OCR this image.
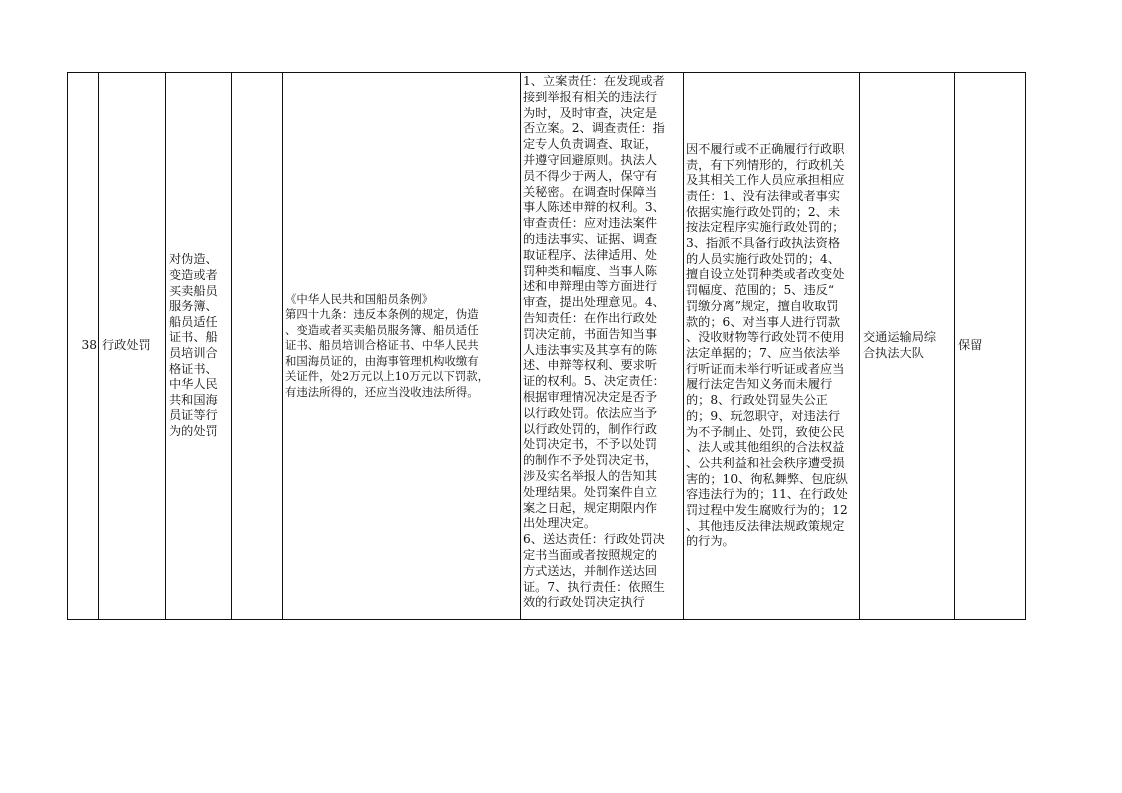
38 行政处罚
对伪造、
变造或者
买卖船员
服务簿、
船员适任
证书、船
员培训合
格证书、
中华人民
共和国海
员证等行
为的处罚
《中华人民共和国船员条例》
第四十九条：违反本条例的规定，伪造
、变造或者买卖船员服务簿、船员适任
证书、船员培训合格证书、中华人民共
和国海员证的，由海事管理机构收缴有
关证件，处2万元以上10万元以下罚款，
有违法所得的，还应当没收违法所得。
1、立案责任：在发现或者
接到举报有相关的违法行
为时，及时审查，决定是
否立案。2、调查责任：指
定专人负责调查、取证，
并遵守回避原则。执法人
员不得少于两人，保守有
关秘密。在调查时保障当
事人陈述申辩的权利。3、
审查责任：应对违法案件
的违法事实、证据、调查
取证程序、法律适用、处
罚种类和幅度、当事人陈
述和申辩理由等方面进行
审查，提出处理意见。4、
告知责任：在作出行政处
罚决定前，书面告知当事
人违法事实及其享有的陈
述、申辩等权利、要求听
证的权利。5、决定责任：
根据审理情况决定是否予
以行政处罚。依法应当予
以行政处罚的，制作行政
处罚决定书，不予以处罚
的制作不予处罚决定书，
涉及实名举报人的告知其
处理结果。处罚案件自立
案之日起，规定期限内作
出处理决定。
6、送达责任：行政处罚决
定书当面或者按照规定的
方式送达，并制作送达回
证。7、执行责任：依照生
效的行政处罚决定执行
因不履行或不正确履行行政职
责，有下列情形的，行政机关
及其相关工作人员应承担相应
责任：1、没有法律或者事实
依据实施行政处罚的；2、未
按法定程序实施行政处罚的；
3、指派不具备行政执法资格
的人员实施行政处罚的；4、
擅自设立处罚种类或者改变处
罚幅度、范围的；5、违反“
罚缴分离”规定，擅自收取罚
款的；6、对当事人进行罚款
、没收财物等行政处罚不使用
法定单据的；7、应当依法举
行听证而未举行听证或者应当
履行法定告知义务而未履行
的；8、行政处罚显失公正
的；9、玩忽职守，对违法行
为不予制止、处罚，致使公民
、法人或其他组织的合法权益
、公共利益和社会秩序遭受损
害的；10、徇私舞弊、包庇纵
容违法行为的；11、在行政处
罚过程中发生腐败行为的；12
、其他违反法律法规政策规定
的行为。
交通运输局综
合执法大队
保留
